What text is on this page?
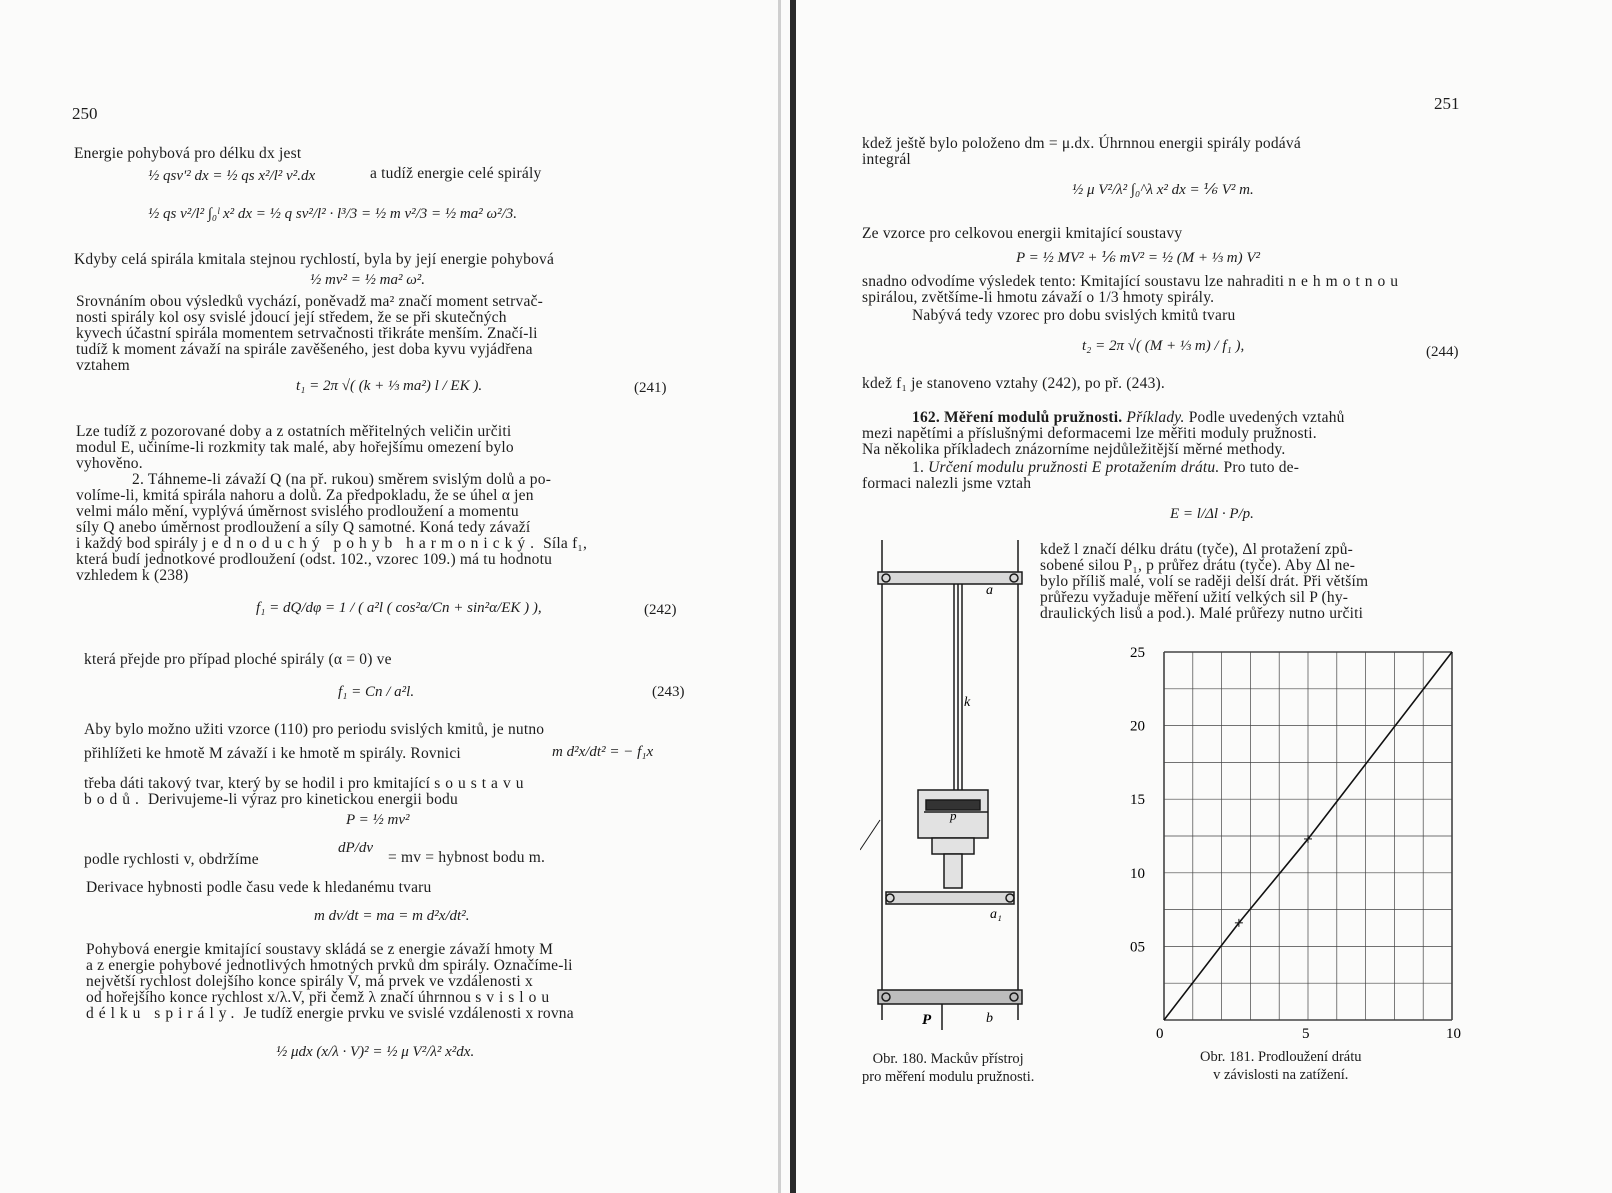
250
Energie pohybová pro délku dx jest
½ qsv'² dx = ½ qs x²/l² v².dx	a tudíž energie celé spirály
½ qs v²/l² ∫₀ˡ x² dx = ½ q sv²/l² · l³/3 = ½ m v²/3 = ½ ma² ω²/3.
Kdyby celá spirála kmitala stejnou rychlostí, byla by její energie pohybová
½ mv² = ½ ma² ω².
Srovnáním obou výsledků vychází, poněvadž ma² značí moment setrvač-
nosti spirály kol osy svislé jdoucí její středem, že se při skutečných
kyvech účastní spirála momentem setrvačnosti třikráte menším. Značí-li
tudíž k moment závaží na spirále zavěšeného, jest doba kyvu vyjádřena
vztahem
t₁ = 2π √( (k + ⅓ ma²) l / EK ).	(241)
Lze tudíž z pozorované doby a z ostatních měřitelných veličin určiti
modul E, učiníme-li rozkmity tak malé, aby hořejšímu omezení bylo
vyhověno.
2. Táhneme-li závaží Q (na př. rukou) směrem svislým dolů a po-
volíme-li, kmitá spirála nahoru a dolů. Za předpokladu, že se úhel α jen
velmi málo mění, vyplývá úměrnost svislého prodloužení a momentu
síly Q anebo úměrnost prodloužení a síly Q samotné. Koná tedy závaží
i každý bod spirály jednoduchý pohyb harmonický. Síla f₁,
která budí jednotkové prodloužení (odst. 102., vzorec 109.) má tu hodnotu
vzhledem k (238)
f₁ = dQ/dφ = 1 / ( a²l ( cos²α/Cn + sin²α/EK ) ),	(242)
která přejde pro případ ploché spirály (α = 0) ve
f₁ = Cn / a²l.	(243)
Aby bylo možno užiti vzorce (110) pro periodu svislých kmitů, je nutno
přihlížeti ke hmotě M závaží i ke hmotě m spirály. Rovnici	m d²x/dt² = − f₁x
třeba dáti takový tvar, který by se hodil i pro kmitající soustavu
bodů. Derivujeme-li výraz pro kinetickou energii bodu
P = ½ mv²
podle rychlosti v, obdržíme
dP/dv
= mv = hybnost bodu m.
Derivace hybnosti podle času vede k hledanému tvaru
m dv/dt = ma = m d²x/dt².
Pohybová energie kmitající soustavy skládá se z energie závaží hmoty M
a z energie pohybové jednotlivých hmotných prvků dm spirály. Označíme-li
největší rychlost dolejšího konce spirály V, má prvek ve vzdálenosti x
od hořejšího konce rychlost x/λ.V, při čemž λ značí úhrnnou svislou
délku spirály. Je tudíž energie prvku ve svislé vzdálenosti x rovna
½ μdx (x/λ · V)² = ½ μ V²/λ² x²dx.
251
kdež ještě bylo položeno dm = μ.dx. Úhrnnou energii spirály podává
integrál
½ μ V²/λ² ∫₀^λ x² dx = ⅙ V² m.
Ze vzorce pro celkovou energii kmitající soustavy
P = ½ MV² + ⅙ mV² = ½ (M + ⅓ m) V²
snadno odvodíme výsledek tento: Kmitající soustavu lze nahraditi nehmotnou
spirálou, zvětšíme-li hmotu závaží o 1/3 hmoty spirály.
Nabývá tedy vzorec pro dobu svislých kmitů tvaru
t₂ = 2π √( (M + ⅓ m) / f₁ ),	(244)
kdež f₁ je stanoveno vztahy (242), po př. (243).
162. Měření modulů pružnosti. Příklady. Podle uvedených vztahů
mezi napětími a příslušnými deformacemi lze měřiti moduly pružnosti.
Na několika příkladech znázorníme nejdůležitější měrné methody.
1. Určení modulu pružnosti E protažením drátu. Pro tuto de-
formaci nalezli jsme vztah
E = l/Δl · P/p.
kdež l značí délku drátu (tyče), Δl protažení způ-
sobené silou P₁, p průřez drátu (tyče). Aby Δl ne-
bylo příliš malé, volí se raději delší drát. Při větším
průřezu vyžaduje měření užití velkých sil P (hy-
draulických lisů a pod.). Malé průřezy nutno určiti
a
k
p
a₁
P	b
Obr. 180. Mackův přístroj
pro měření modulu pružnosti.
0	5	10
05
10
15
20
25
Obr. 181. Prodloužení drátu
v závislosti na zatížení.
